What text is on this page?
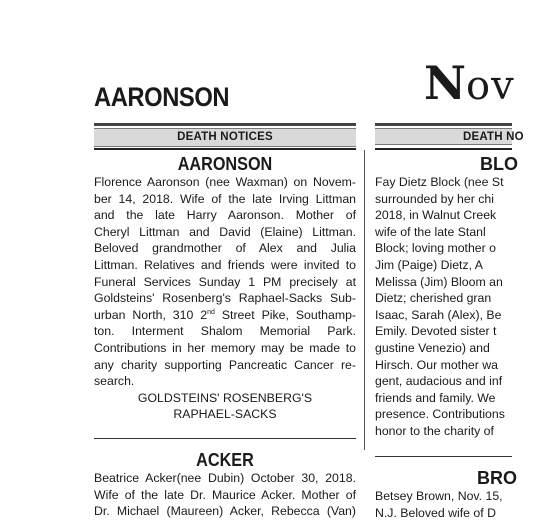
AARONSON	Nov
DEATH NOTICES	DEATH NO
AARONSON
Florence Aaronson (nee Waxman) on Novem-
ber 14, 2018. Wife of the late Irving Littman
and the late Harry Aaronson. Mother of
Cheryl Littman and David (Elaine) Littman.
Beloved grandmother of Alex and Julia
Littman. Relatives and friends were invited to
Funeral Services Sunday 1 PM precisely at
Goldsteins' Rosenberg's Raphael-Sacks Sub-
urban North, 310 2nd Street Pike, Southamp-
ton. Interment Shalom Memorial Park.
Contributions in her memory may be made to
any charity supporting Pancreatic Cancer re-
search.

GOLDSTEINS' ROSENBERG'S

RAPHAEL-SACKS

ACKER
Beatrice Acker(nee Dubin) October 30, 2018.
Wife of the late Dr. Maurice Acker. Mother of
Dr. Michael (Maureen) Acker, Rebecca (Van)
BLO
Fay Dietz Block (nee St
surrounded by her chi
2018, in Walnut Creek
wife of the late Stanl
Block; loving mother o
Jim (Paige) Dietz, A
Melissa (Jim) Bloom an
Dietz; cherished gran
Isaac, Sarah (Alex), Be
Emily. Devoted sister t
gustine Venezio) and
Hirsch. Our mother wa
gent, audacious and inf
friends and family. We
presence. Contributions
honor to the charity of
BRO
Betsey Brown, Nov. 15,
N.J. Beloved wife of D
